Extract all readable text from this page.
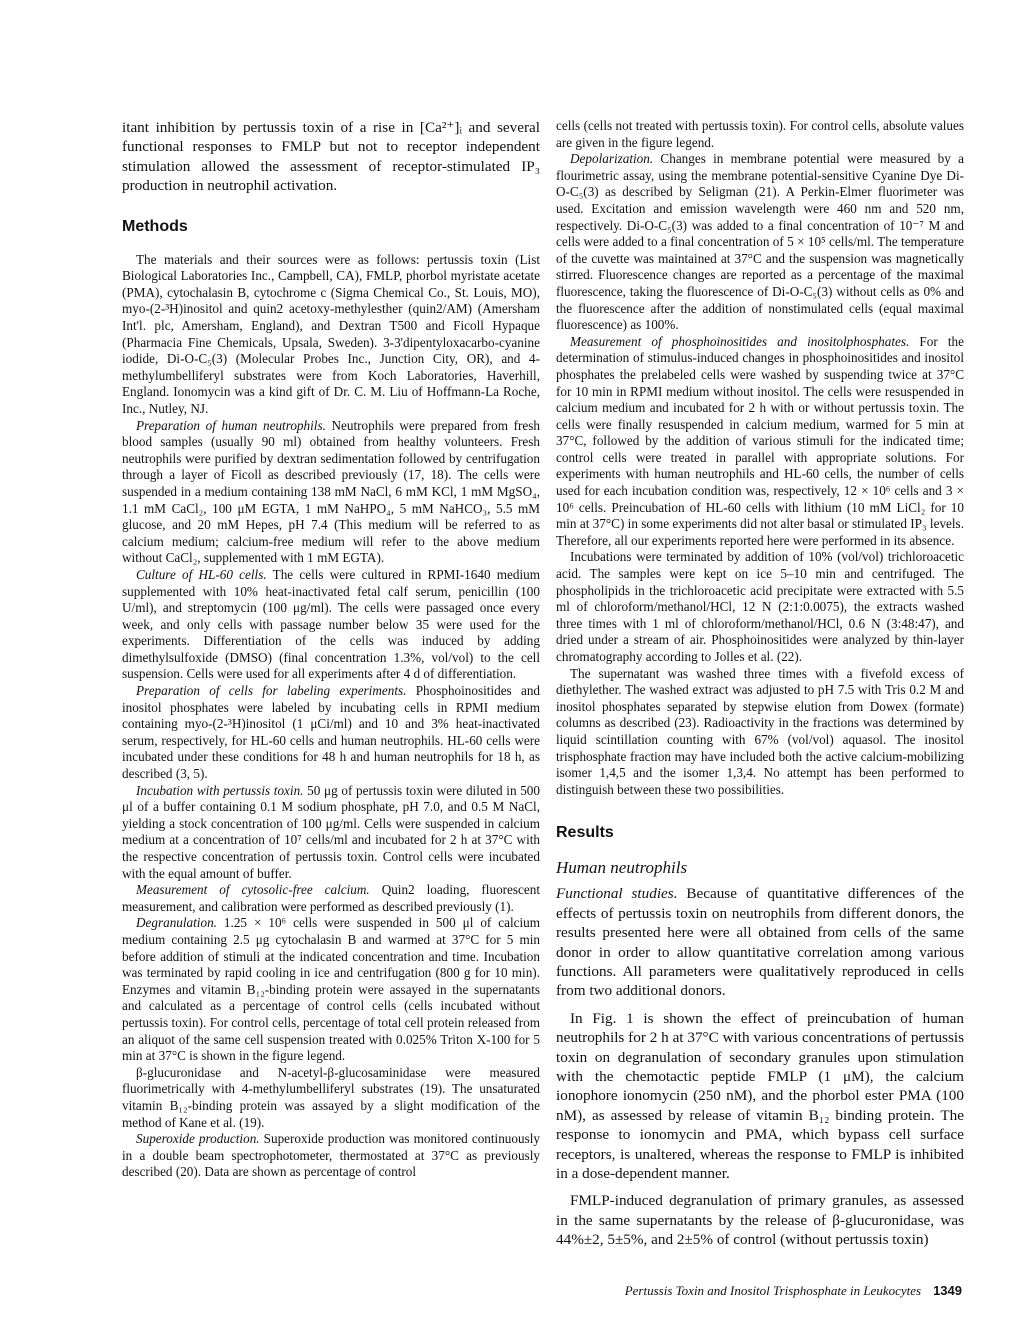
itant inhibition by pertussis toxin of a rise in [Ca²⁺]ᵢ and several functional responses to FMLP but not to receptor independent stimulation allowed the assessment of receptor-stimulated IP₃ production in neutrophil activation.

Methods

The materials and their sources were as follows: pertussis toxin (List Biological Laboratories Inc., Campbell, CA), FMLP, phorbol myristate acetate (PMA), cytochalasin B, cytochrome c (Sigma Chemical Co., St. Louis, MO), myo-(2-³H)inositol and quin2 acetoxy-methylesther (quin2/AM) (Amersham Int'l. plc, Amersham, England), and Dextran T500 and Ficoll Hypaque (Pharmacia Fine Chemicals, Upsala, Sweden). 3-3'dipentyloxacarbo-cyanine iodide, Di-O-C₅(3) (Molecular Probes Inc., Junction City, OR), and 4-methylumbelliferyl substrates were from Koch Laboratories, Haverhill, England. Ionomycin was a kind gift of Dr. C. M. Liu of Hoffmann-La Roche, Inc., Nutley, NJ.

Preparation of human neutrophils. Neutrophils were prepared from fresh blood samples (usually 90 ml) obtained from healthy volunteers. Fresh neutrophils were purified by dextran sedimentation followed by centrifugation through a layer of Ficoll as described previously (17, 18). The cells were suspended in a medium containing 138 mM NaCl, 6 mM KCl, 1 mM MgSO₄, 1.1 mM CaCl₂, 100 μM EGTA, 1 mM NaHPO₄, 5 mM NaHCO₃, 5.5 mM glucose, and 20 mM Hepes, pH 7.4 (This medium will be referred to as calcium medium; calcium-free medium will refer to the above medium without CaCl₂, supplemented with 1 mM EGTA).

Culture of HL-60 cells. The cells were cultured in RPMI-1640 medium supplemented with 10% heat-inactivated fetal calf serum, penicillin (100 U/ml), and streptomycin (100 μg/ml). The cells were passaged once every week, and only cells with passage number below 35 were used for the experiments. Differentiation of the cells was induced by adding dimethylsulfoxide (DMSO) (final concentration 1.3%, vol/vol) to the cell suspension. Cells were used for all experiments after 4 d of differentiation.

Preparation of cells for labeling experiments. Phosphoinositides and inositol phosphates were labeled by incubating cells in RPMI medium containing myo-(2-³H)inositol (1 μCi/ml) and 10 and 3% heat-inactivated serum, respectively, for HL-60 cells and human neutrophils. HL-60 cells were incubated under these conditions for 48 h and human neutrophils for 18 h, as described (3, 5).

Incubation with pertussis toxin. 50 μg of pertussis toxin were diluted in 500 μl of a buffer containing 0.1 M sodium phosphate, pH 7.0, and 0.5 M NaCl, yielding a stock concentration of 100 μg/ml. Cells were suspended in calcium medium at a concentration of 10⁷ cells/ml and incubated for 2 h at 37°C with the respective concentration of pertussis toxin. Control cells were incubated with the equal amount of buffer.

Measurement of cytosolic-free calcium. Quin2 loading, fluorescent measurement, and calibration were performed as described previously (1).

Degranulation. 1.25 × 10⁶ cells were suspended in 500 μl of calcium medium containing 2.5 μg cytochalasin B and warmed at 37°C for 5 min before addition of stimuli at the indicated concentration and time. Incubation was terminated by rapid cooling in ice and centrifugation (800 g for 10 min). Enzymes and vitamin B₁₂-binding protein were assayed in the supernatants and calculated as a percentage of control cells (cells incubated without pertussis toxin). For control cells, percentage of total cell protein released from an aliquot of the same cell suspension treated with 0.025% Triton X-100 for 5 min at 37°C is shown in the figure legend.

β-glucuronidase and N-acetyl-β-glucosaminidase were measured fluorimetrically with 4-methylumbelliferyl substrates (19). The unsaturated vitamin B₁₂-binding protein was assayed by a slight modification of the method of Kane et al. (19).

Superoxide production. Superoxide production was monitored continuously in a double beam spectrophotometer, thermostated at 37°C as previously described (20). Data are shown as percentage of control

cells (cells not treated with pertussis toxin). For control cells, absolute values are given in the figure legend.

Depolarization. Changes in membrane potential were measured by a flourimetric assay, using the membrane potential-sensitive Cyanine Dye Di-O-C₅(3) as described by Seligman (21). A Perkin-Elmer fluorimeter was used. Excitation and emission wavelength were 460 nm and 520 nm, respectively. Di-O-C₅(3) was added to a final concentration of 10⁻⁷ M and cells were added to a final concentration of 5 × 10⁵ cells/ml. The temperature of the cuvette was maintained at 37°C and the suspension was magnetically stirred. Fluorescence changes are reported as a percentage of the maximal fluorescence, taking the fluorescence of Di-O-C₅(3) without cells as 0% and the fluorescence after the addition of nonstimulated cells (equal maximal fluorescence) as 100%.

Measurement of phosphoinositides and inositolphosphates. For the determination of stimulus-induced changes in phosphoinositides and inositol phosphates the prelabeled cells were washed by suspending twice at 37°C for 10 min in RPMI medium without inositol. The cells were resuspended in calcium medium and incubated for 2 h with or without pertussis toxin. The cells were finally resuspended in calcium medium, warmed for 5 min at 37°C, followed by the addition of various stimuli for the indicated time; control cells were treated in parallel with appropriate solutions. For experiments with human neutrophils and HL-60 cells, the number of cells used for each incubation condition was, respectively, 12 × 10⁶ cells and 3 × 10⁶ cells. Preincubation of HL-60 cells with lithium (10 mM LiCl₂ for 10 min at 37°C) in some experiments did not alter basal or stimulated IP₃ levels. Therefore, all our experiments reported here were performed in its absence.

Incubations were terminated by addition of 10% (vol/vol) trichloroacetic acid. The samples were kept on ice 5–10 min and centrifuged. The phospholipids in the trichloroacetic acid precipitate were extracted with 5.5 ml of chloroform/methanol/HCl, 12 N (2:1:0.0075), the extracts washed three times with 1 ml of chloroform/methanol/HCl, 0.6 N (3:48:47), and dried under a stream of air. Phosphoinositides were analyzed by thin-layer chromatography according to Jolles et al. (22).

The supernatant was washed three times with a fivefold excess of diethylether. The washed extract was adjusted to pH 7.5 with Tris 0.2 M and inositol phosphates separated by stepwise elution from Dowex (formate) columns as described (23). Radioactivity in the fractions was determined by liquid scintillation counting with 67% (vol/vol) aquasol. The inositol trisphosphate fraction may have included both the active calcium-mobilizing isomer 1,4,5 and the isomer 1,3,4. No attempt has been performed to distinguish between these two possibilities.

Results
Human neutrophils

Functional studies. Because of quantitative differences of the effects of pertussis toxin on neutrophils from different donors, the results presented here were all obtained from cells of the same donor in order to allow quantitative correlation among various functions. All parameters were qualitatively reproduced in cells from two additional donors.

In Fig. 1 is shown the effect of preincubation of human neutrophils for 2 h at 37°C with various concentrations of pertussis toxin on degranulation of secondary granules upon stimulation with the chemotactic peptide FMLP (1 μM), the calcium ionophore ionomycin (250 nM), and the phorbol ester PMA (100 nM), as assessed by release of vitamin B₁₂ binding protein. The response to ionomycin and PMA, which bypass cell surface receptors, is unaltered, whereas the response to FMLP is inhibited in a dose-dependent manner.

FMLP-induced degranulation of primary granules, as assessed in the same supernatants by the release of β-glucuronidase, was 44%±2, 5±5%, and 2±5% of control (without pertussis toxin)

Pertussis Toxin and Inositol Trisphosphate in Leukocytes 1349
